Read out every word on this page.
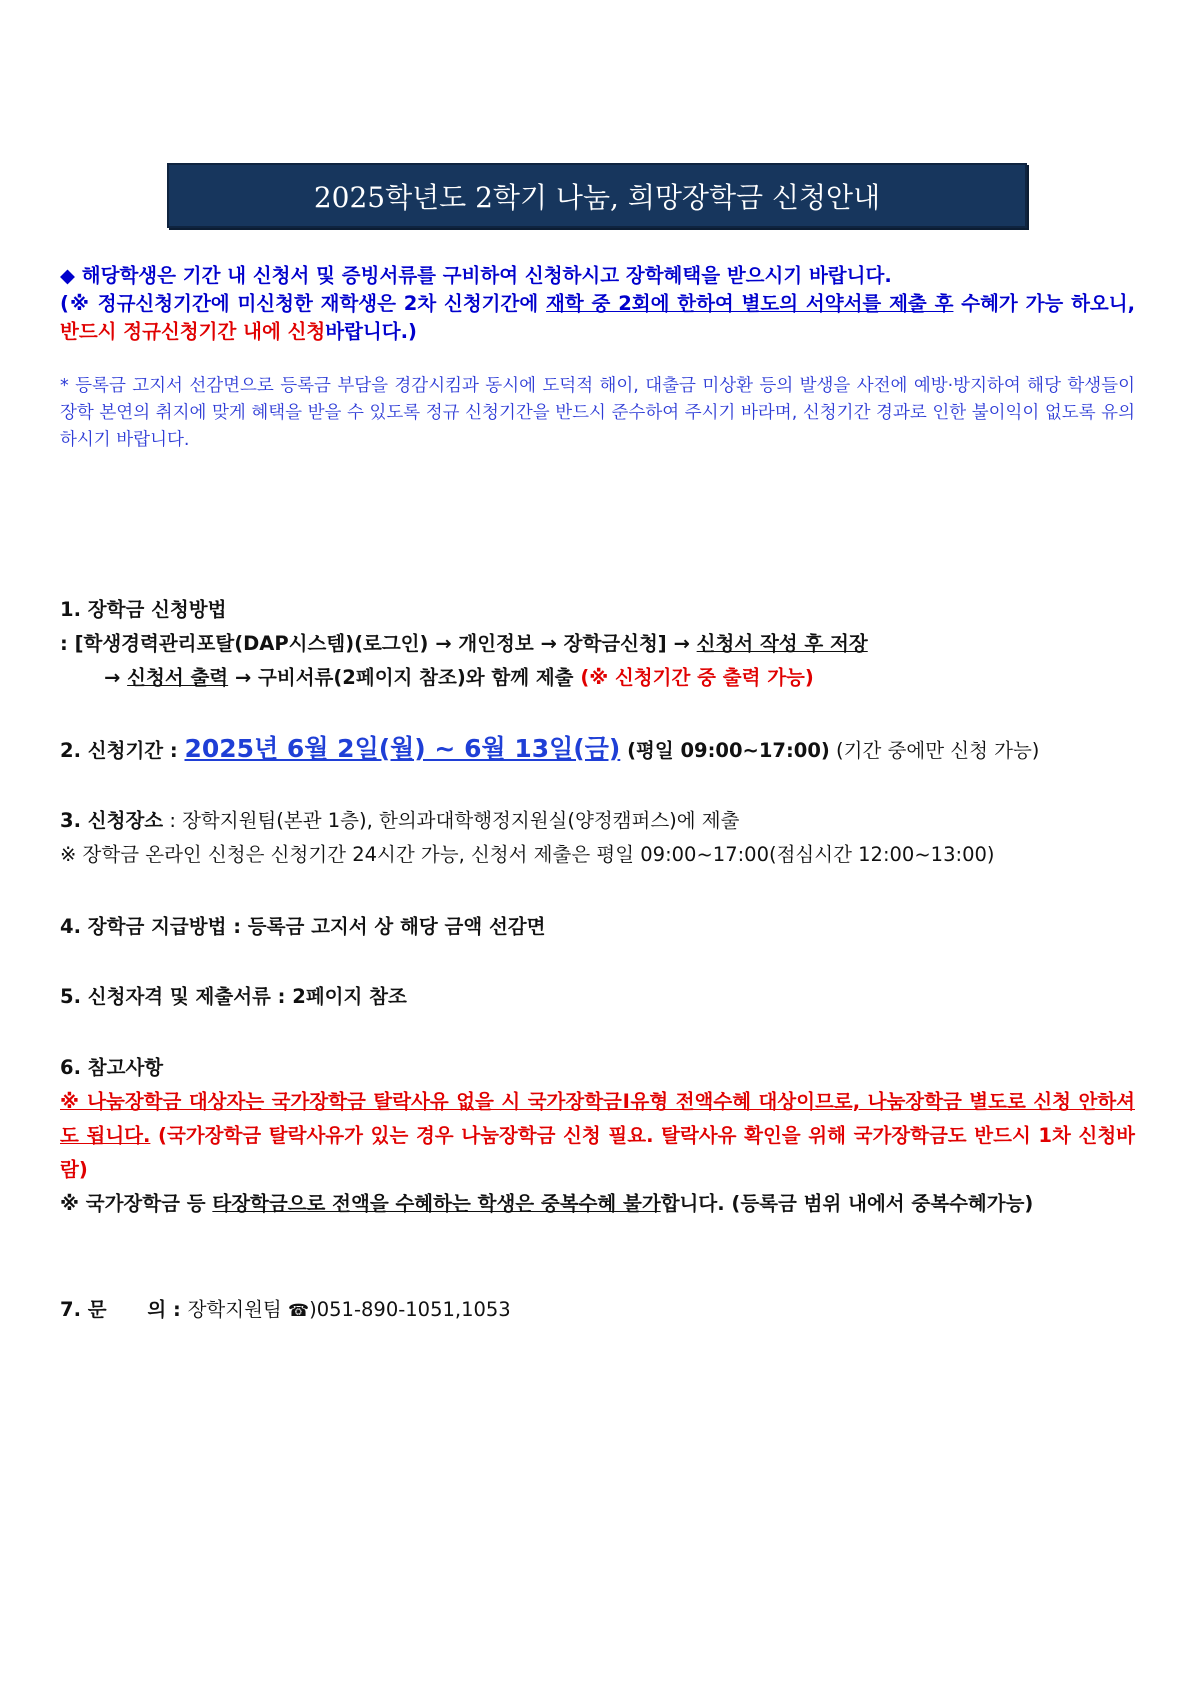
2025학년도 2학기 나눔, 희망장학금 신청안내
◆ 해당학생은 기간 내 신청서 및 증빙서류를 구비하여 신청하시고 장학혜택을 받으시기 바랍니다.
(※ 정규신청기간에 미신청한 재학생은 2차 신청기간에 재학 중 2회에 한하여 별도의 서약서를 제출 후 수혜가 가능 하오니, 반드시 정규신청기간 내에 신청바랍니다.)
* 등록금 고지서 선감면으로 등록금 부담을 경감시킴과 동시에 도덕적 해이, 대출금 미상환 등의 발생을 사전에 예방·방지하여 해당 학생들이 장학 본연의 취지에 맞게 혜택을 받을 수 있도록 정규 신청기간을 반드시 준수하여 주시기 바라며, 신청기간 경과로 인한 불이익이 없도록 유의하시기 바랍니다.
1. 장학금 신청방법
: [학생경력관리포탈(DAP시스템)(로그인) → 개인정보 → 장학금신청] → 신청서 작성 후 저장
→ 신청서 출력 → 구비서류(2페이지 참조)와 함께 제출 (※ 신청기간 중 출력 가능)
2. 신청기간 : 2025년 6월 2일(월) ~ 6월 13일(금) (평일 09:00~17:00) (기간 중에만 신청 가능)
3. 신청장소 : 장학지원팀(본관 1층), 한의과대학행정지원실(양정캠퍼스)에 제출
※ 장학금 온라인 신청은 신청기간 24시간 가능, 신청서 제출은 평일 09:00~17:00(점심시간 12:00~13:00)
4. 장학금 지급방법 : 등록금 고지서 상 해당 금액 선감면
5. 신청자격 및 제출서류 : 2페이지 참조
6. 참고사항
※ 나눔장학금 대상자는 국가장학금 탈락사유 없을 시 국가장학금Ⅰ유형 전액수혜 대상이므로, 나눔장학금 별도로 신청 안하셔도 됩니다. (국가장학금 탈락사유가 있는 경우 나눔장학금 신청 필요. 탈락사유 확인을 위해 국가장학금도 반드시 1차 신청바람)
※ 국가장학금 등 타장학금으로 전액을 수혜하는 학생은 중복수혜 불가합니다. (등록금 범위 내에서 중복수혜가능)
7. 문      의 : 장학지원팀 ☎)051-890-1051,1053
